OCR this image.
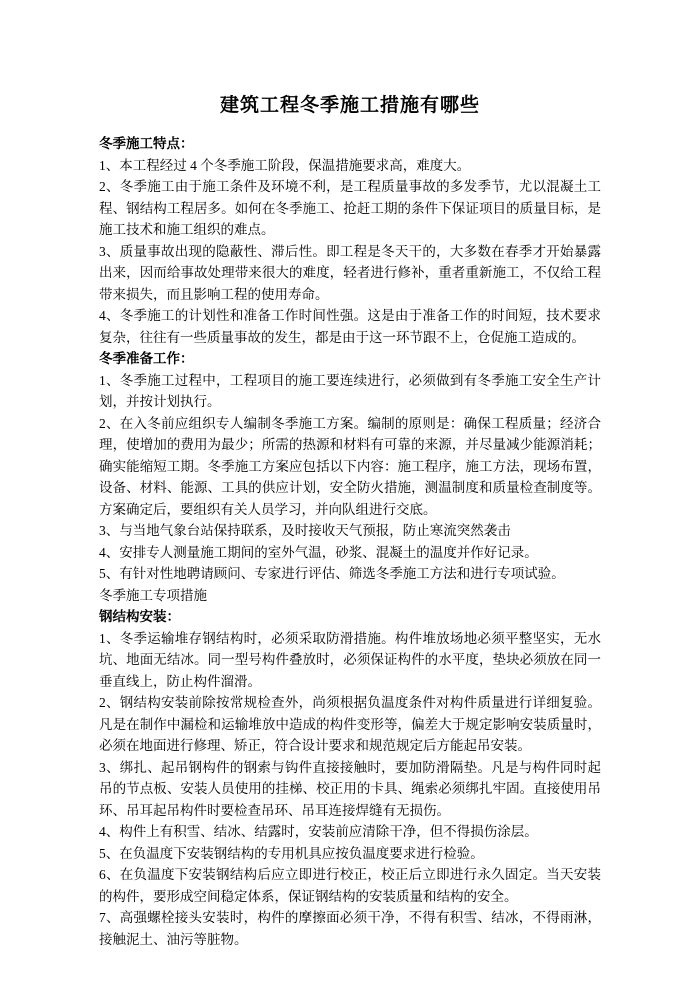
建筑工程冬季施工措施有哪些

冬季施工特点：

1、本工程经过 4 个冬季施工阶段，保温措施要求高，难度大。

2、冬季施工由于施工条件及环境不利，是工程质量事故的多发季节，尤以混凝土工程、钢结构工程居多。如何在冬季施工、抢赶工期的条件下保证项目的质量目标，是施工技术和施工组织的难点。

3、质量事故出现的隐蔽性、滞后性。即工程是冬天干的，大多数在春季才开始暴露出来，因而给事故处理带来很大的难度，轻者进行修补，重者重新施工，不仅给工程带来损失，而且影响工程的使用寿命。

4、冬季施工的计划性和准备工作时间性强。这是由于准备工作的时间短，技术要求复杂，往往有一些质量事故的发生，都是由于这一环节跟不上，仓促施工造成的。

冬季准备工作：

1、冬季施工过程中，工程项目的施工要连续进行，必须做到有冬季施工安全生产计划，并按计划执行。

2、在入冬前应组织专人编制冬季施工方案。编制的原则是：确保工程质量；经济合理，使增加的费用为最少；所需的热源和材料有可靠的来源，并尽量减少能源消耗；确实能缩短工期。冬季施工方案应包括以下内容：施工程序，施工方法，现场布置，设备、材料、能源、工具的供应计划，安全防火措施，测温制度和质量检查制度等。方案确定后，要组织有关人员学习，并向队组进行交底。

3、与当地气象台站保持联系，及时接收天气预报，防止寒流突然袭击

4、安排专人测量施工期间的室外气温，砂浆、混凝土的温度并作好记录。

5、有针对性地聘请顾问、专家进行评估、筛选冬季施工方法和进行专项试验。

冬季施工专项措施

钢结构安装：

1、冬季运输堆存钢结构时，必须采取防滑措施。构件堆放场地必须平整坚实，无水坑、地面无结冰。同一型号构件叠放时，必须保证构件的水平度，垫块必须放在同一垂直线上，防止构件溜滑。

2、钢结构安装前除按常规检查外，尚须根据负温度条件对构件质量进行详细复验。凡是在制作中漏检和运输堆放中造成的构件变形等，偏差大于规定影响安装质量时，必须在地面进行修理、矫正，符合设计要求和规范规定后方能起吊安装。

3、绑扎、起吊钢构件的钢索与钩件直接接触时，要加防滑隔垫。凡是与构件同时起吊的节点板、安装人员使用的挂梯、校正用的卡具、绳索必须绑扎牢固。直接使用吊环、吊耳起吊构件时要检查吊环、吊耳连接焊缝有无损伤。

4、构件上有积雪、结冰、结露时，安装前应清除干净，但不得损伤涂层。

5、在负温度下安装钢结构的专用机具应按负温度要求进行检验。

6、在负温度下安装钢结构后应立即进行校正，校正后立即进行永久固定。当天安装的构件，要形成空间稳定体系，保证钢结构的安装质量和结构的安全。

7、高强螺栓接头安装时，构件的摩擦面必须干净，不得有积雪、结冰，不得雨淋，接触泥土、油污等脏物。
